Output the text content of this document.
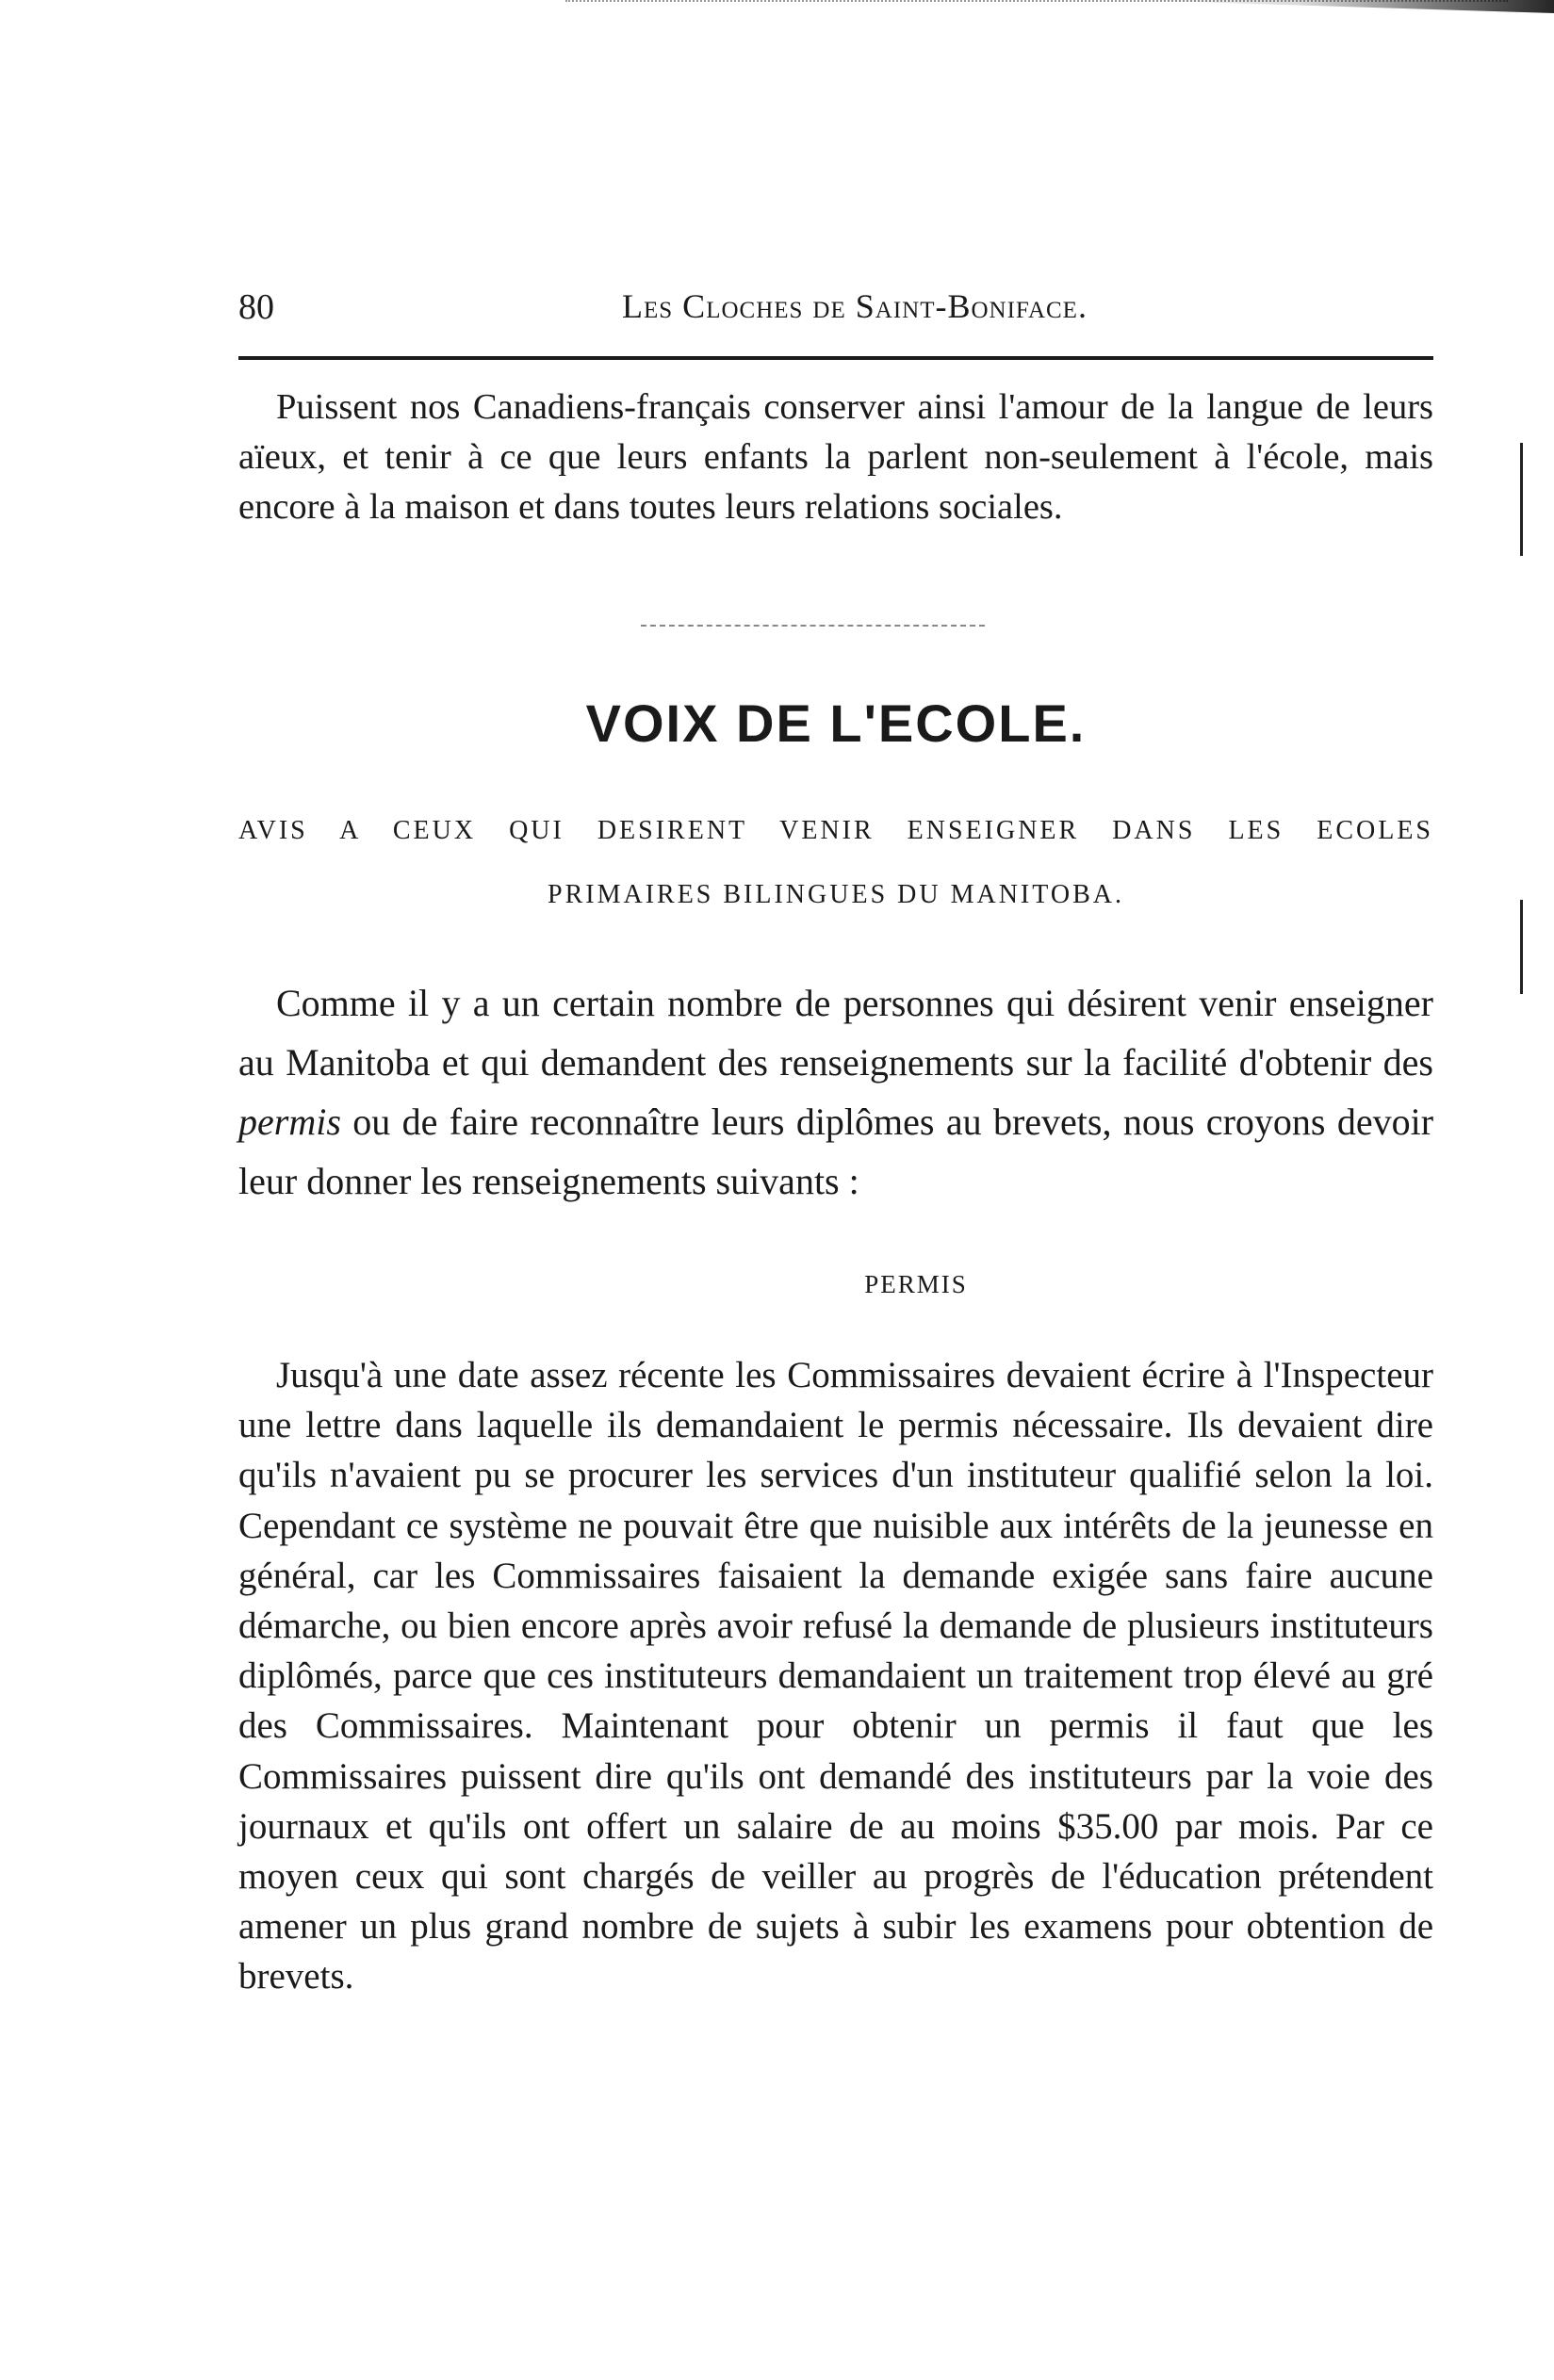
80	Les Cloches de Saint-Boniface.

Puissent nos Canadiens-français conserver ainsi l'amour de la langue de leurs aïeux, et tenir à ce que leurs enfants la parlent non-seulement à l'école, mais encore à la maison et dans toutes leurs relations sociales.

VOIX DE L'ECOLE.

AVIS A CEUX QUI DESIRENT VENIR ENSEIGNER DANS LES ECOLES

PRIMAIRES BILINGUES DU MANITOBA.

Comme il y a un certain nombre de personnes qui désirent venir enseigner au Manitoba et qui demandent des renseignements sur la facilité d'obtenir des permis ou de faire reconnaître leurs diplômes au brevets, nous croyons devoir leur donner les renseignements suivants :

PERMIS

Jusqu'à une date assez récente les Commissaires devaient écrire à l'Inspecteur une lettre dans laquelle ils demandaient le permis nécessaire. Ils devaient dire qu'ils n'avaient pu se procurer les services d'un instituteur qualifié selon la loi. Cependant ce système ne pouvait être que nuisible aux intérêts de la jeunesse en général, car les Commissaires faisaient la demande exigée sans faire aucune démarche, ou bien encore après avoir refusé la demande de plusieurs instituteurs diplômés, parce que ces instituteurs demandaient un traitement trop élevé au gré des Commissaires. Maintenant pour obtenir un permis il faut que les Commissaires puissent dire qu'ils ont demandé des instituteurs par la voie des journaux et qu'ils ont offert un salaire de au moins $35.00 par mois. Par ce moyen ceux qui sont chargés de veiller au progrès de l'éducation prétendent amener un plus grand nombre de sujets à subir les examens pour obtention de brevets.
